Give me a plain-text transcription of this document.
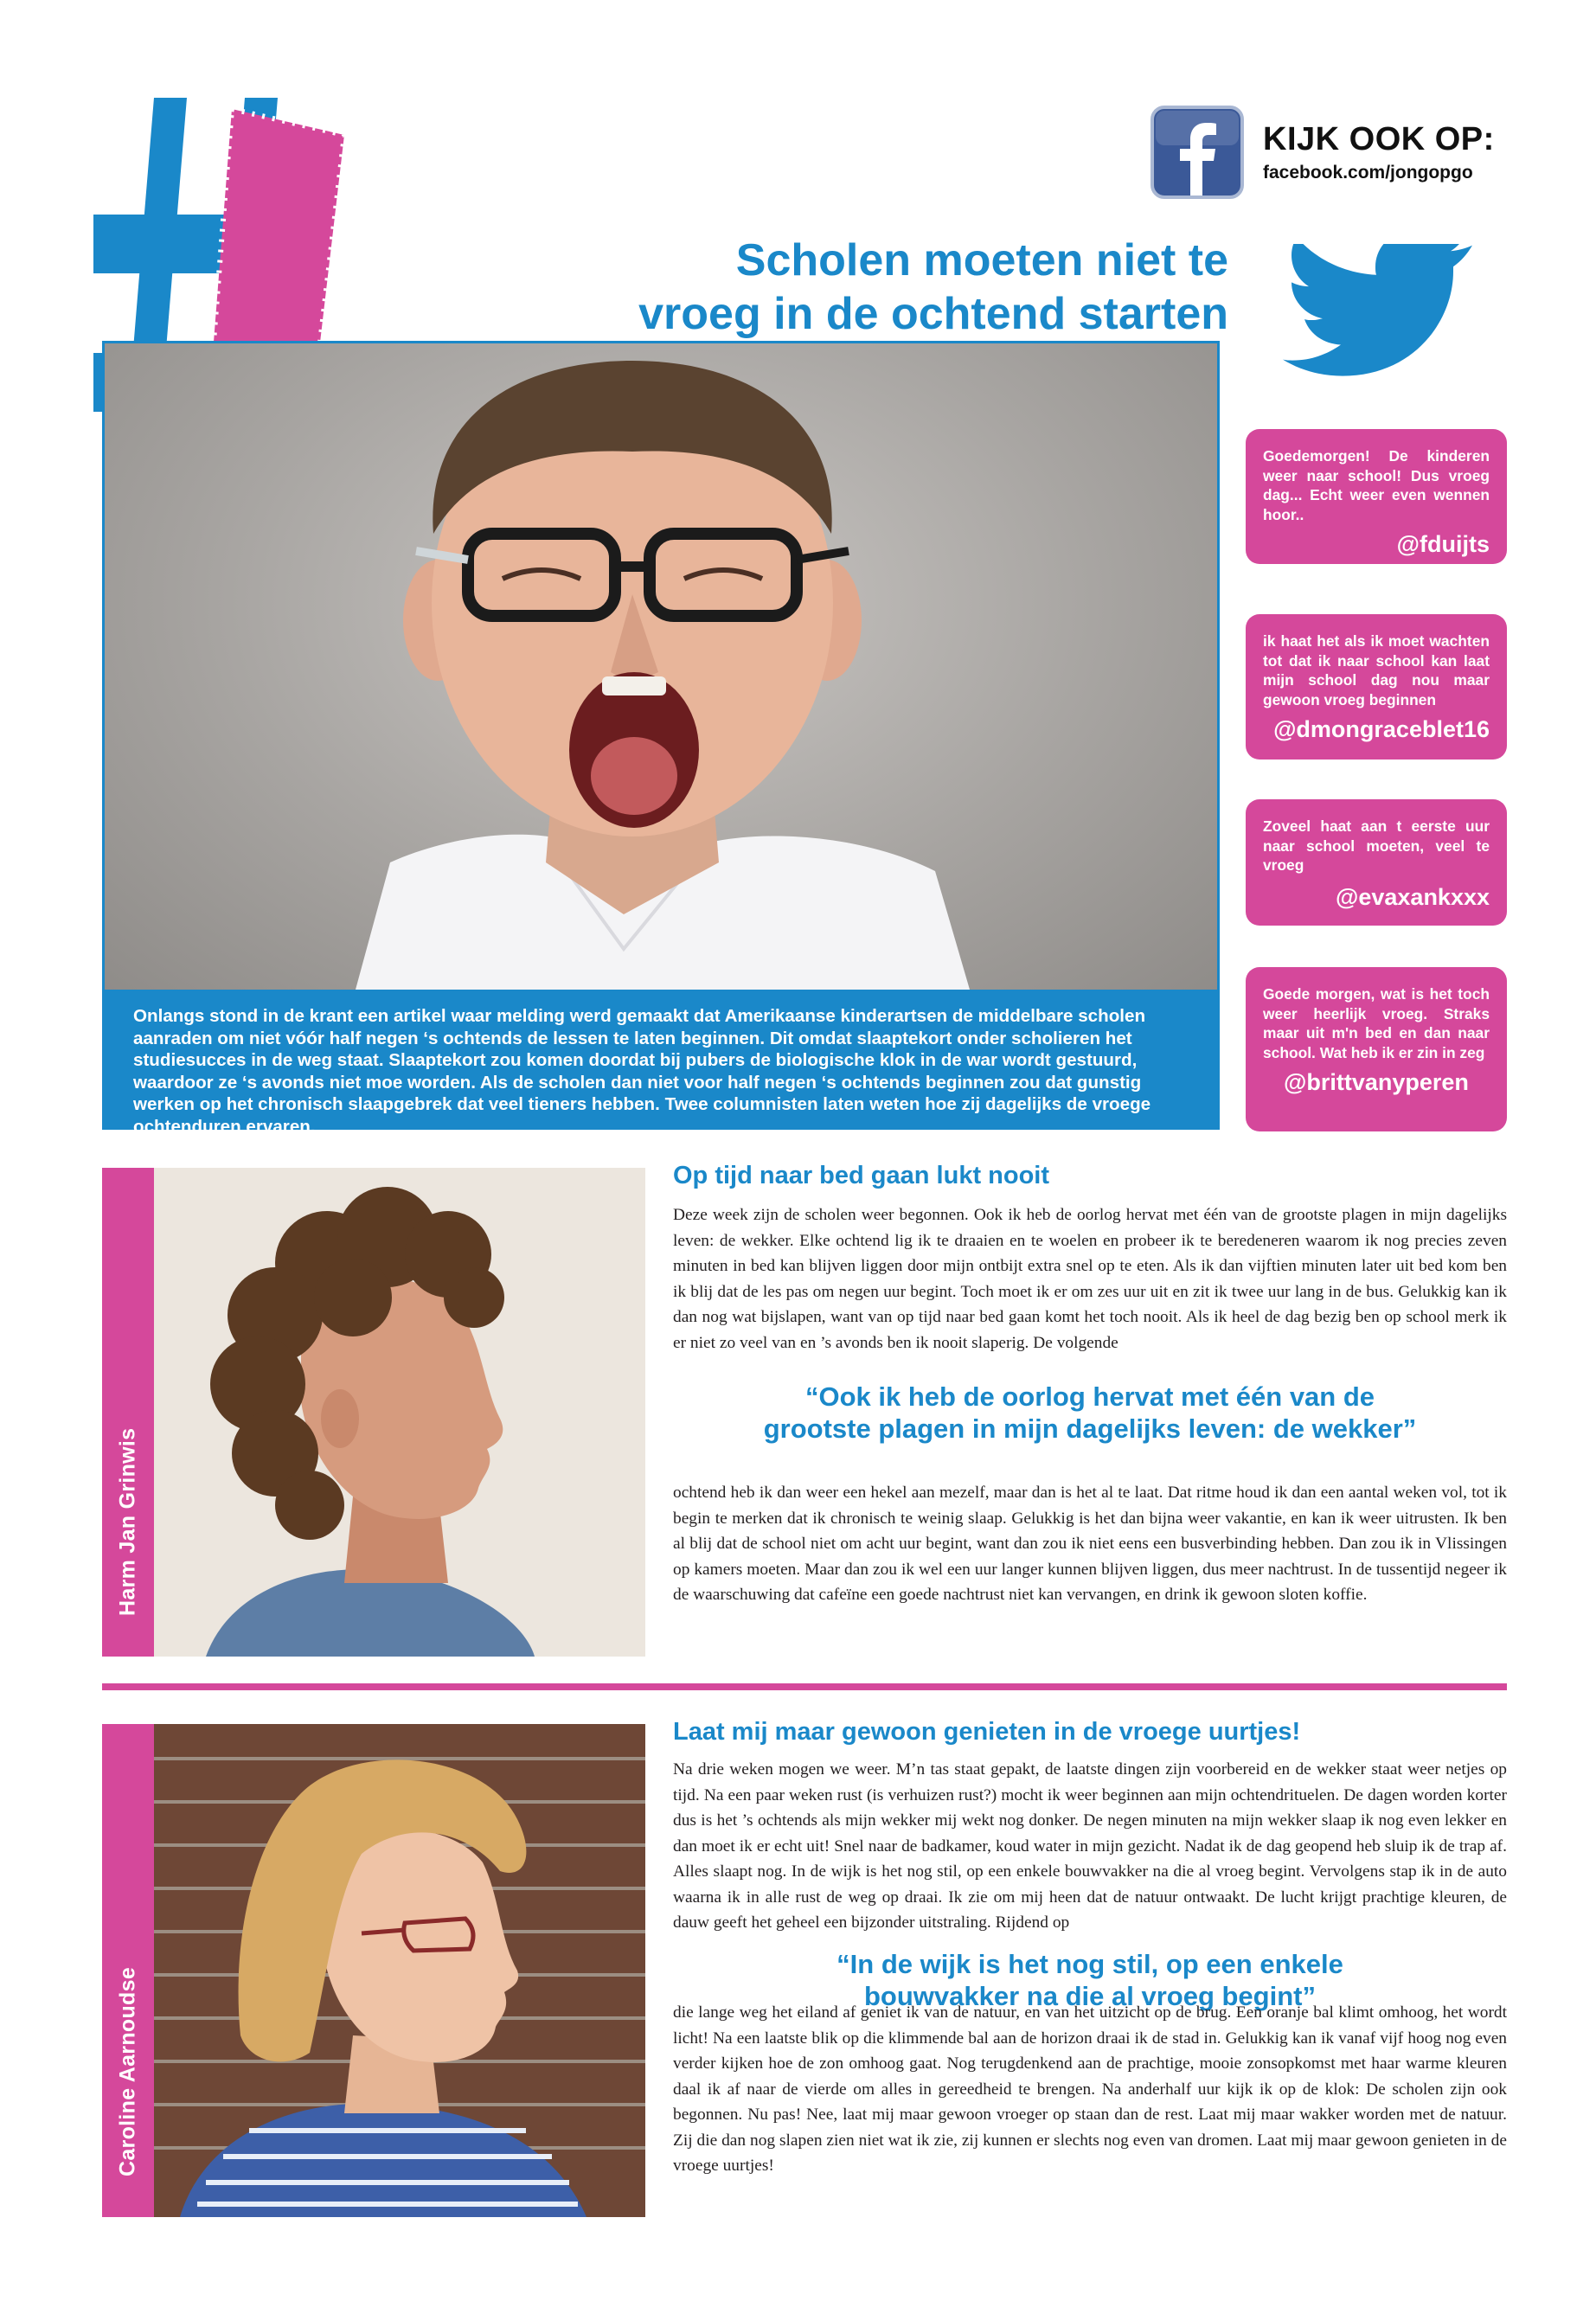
KIJK OOK OP:
facebook.com/jongopgo
Scholen moeten niet te
vroeg in de ochtend starten

Onlangs stond in de krant een artikel waar melding werd gemaakt dat Amerikaanse kinderartsen de middelbare scholen aanraden om niet vóór half negen ‘s ochtends de lessen te laten beginnen. Dit omdat slaaptekort onder scholieren het studiesucces in de weg staat. Slaaptekort zou komen doordat bij pubers de biologische klok in de war wordt gestuurd, waardoor ze ‘s avonds niet moe worden. Als de scholen dan niet voor half negen ‘s ochtends beginnen zou dat gunstig werken op het chronisch slaapgebrek dat veel tieners hebben. Twee columnisten laten weten hoe zij dagelijks de vroege ochtenduren ervaren.

Goedemorgen! De kinderen weer naar school! Dus vroeg dag... Echt weer even wennen hoor..

@fduijts

ik haat het als ik moet wachten tot dat ik naar school kan laat mijn school dag nou maar gewoon vroeg beginnen

@dmongraceblet16

Zoveel haat aan t eerste uur naar school moeten, veel te vroeg

@evaxankxxx

Goede morgen, wat is het toch weer heerlijk vroeg. Straks maar uit m'n bed en dan naar school. Wat heb ik er zin in zeg

@brittvanyperen

Harm Jan Grinwis
Op tijd naar bed gaan lukt nooit

Deze week zijn de scholen weer begonnen. Ook ik heb de oorlog hervat met één van de grootste plagen in mijn dagelijks leven: de wekker. Elke ochtend lig ik te draaien en te woelen en probeer ik te beredeneren waarom ik nog precies zeven minuten in bed kan blijven liggen door mijn ontbijt extra snel op te eten. Als ik dan vijftien minuten later uit bed kom ben ik blij dat de les pas om negen uur begint. Toch moet ik er om zes uur uit en zit ik twee uur lang in de bus. Gelukkig kan ik dan nog wat bijslapen, want van op tijd naar bed gaan komt het toch nooit. Als ik heel de dag bezig ben op school merk ik er niet zo veel van en ’s avonds ben ik nooit slaperig. De volgende

“Ook ik heb de oorlog hervat met één van de
grootste plagen in mijn dagelijks leven: de wekker”

ochtend heb ik dan weer een hekel aan mezelf, maar dan is het al te laat. Dat ritme houd ik dan een aantal weken vol, tot ik begin te merken dat ik chronisch te weinig slaap. Gelukkig is het dan bijna weer vakantie, en kan ik weer uitrusten. Ik ben al blij dat de school niet om acht uur begint, want dan zou ik niet eens een busverbinding hebben. Dan zou ik in Vlissingen op kamers moeten. Maar dan zou ik wel een uur langer kunnen blijven liggen, dus meer nachtrust. In de tussentijd negeer ik de waarschuwing dat cafeïne een goede nachtrust niet kan vervangen, en drink ik gewoon sloten koffie.

Caroline Aarnoudse
Laat mij maar gewoon genieten in de vroege uurtjes!

Na drie weken mogen we weer. M’n tas staat gepakt, de laatste dingen zijn voorbereid en de wekker staat weer netjes op tijd. Na een paar weken rust (is verhuizen rust?) mocht ik weer beginnen aan mijn ochtendrituelen. De dagen worden korter dus is het ’s ochtends als mijn wekker mij wekt nog donker. De negen minuten na mijn wekker slaap ik nog even lekker en dan moet ik er echt uit! Snel naar de badkamer, koud water in mijn gezicht. Nadat ik de dag geopend heb sluip ik de trap af. Alles slaapt nog. In de wijk is het nog stil, op een enkele bouwvakker na die al vroeg begint. Vervolgens stap ik in de auto waarna ik in alle rust de weg op draai. Ik zie om mij heen dat de natuur ontwaakt. De lucht krijgt prachtige kleuren, de dauw geeft het geheel een bijzonder uitstraling. Rijdend op

“In de wijk is het nog stil, op een enkele
bouwvakker na die al vroeg begint”

die lange weg het eiland af geniet ik van de natuur, en van het uitzicht op de brug. Een oranje bal klimt omhoog, het wordt licht! Na een laatste blik op die klimmende bal aan de horizon draai ik de stad in. Gelukkig kan ik vanaf vijf hoog nog even verder kijken hoe de zon omhoog gaat. Nog terugdenkend aan de prachtige, mooie zonsopkomst met haar warme kleuren daal ik af naar de vierde om alles in gereedheid te brengen. Na anderhalf uur kijk ik op de klok: De scholen zijn ook begonnen. Nu pas! Nee, laat mij maar gewoon vroeger op staan dan de rest. Laat mij maar wakker worden met de natuur. Zij die dan nog slapen zien niet wat ik zie, zij kunnen er slechts nog even van dromen. Laat mij maar gewoon genieten in de vroege uurtjes!
